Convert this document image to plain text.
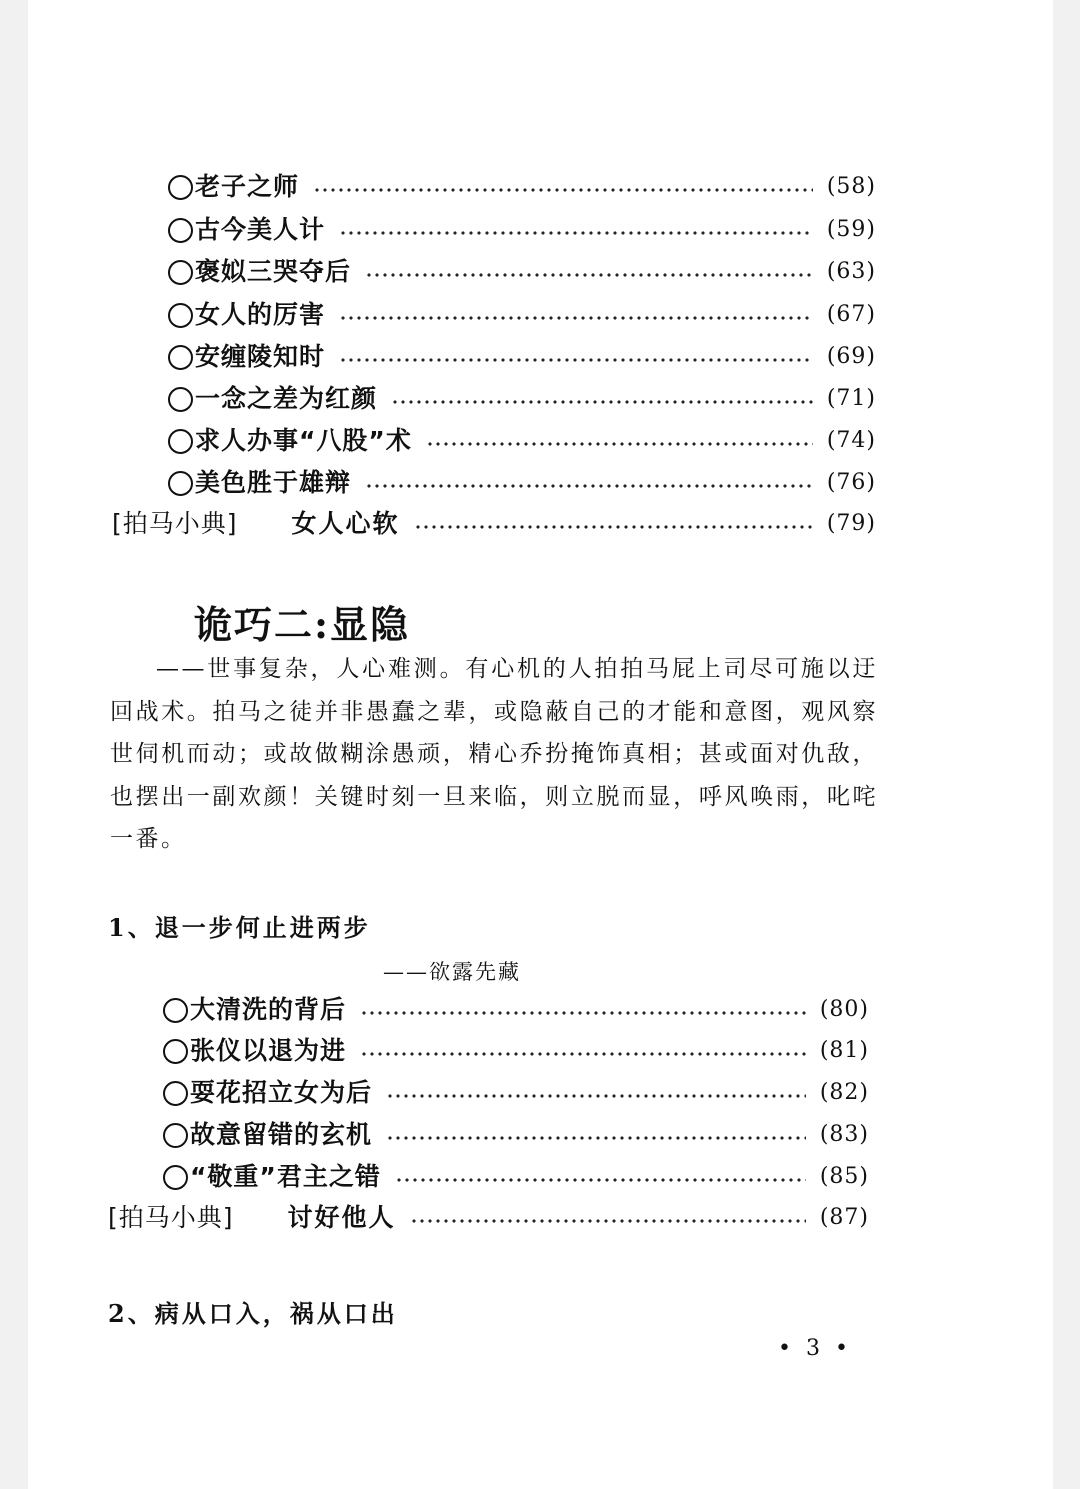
老子之师	(58)
古今美人计	(59)
褒姒三哭夺后	(63)
女人的厉害	(67)
安缠陵知时	(69)
一念之差为红颜	(71)
求人办事“八股”术	(74)
美色胜于雄辩	(76)
[拍马小典] 女人心软	(79)
诡巧二:显隐
——世事复杂，人心难测。有心机的人拍拍马屁上司尽可施以迂回战术。拍马之徒并非愚蠢之辈，或隐蔽自己的才能和意图，观风察世伺机而动；或故做糊涂愚顽，精心乔扮掩饰真相；甚或面对仇敌，也摆出一副欢颜！关键时刻一旦来临，则立脱而显，呼风唤雨，叱咤一番。
1、退一步何止进两步
——欲露先藏
大清洗的背后	(80)
张仪以退为进	(81)
耍花招立女为后	(82)
故意留错的玄机	(83)
“敬重”君主之错	(85)
[拍马小典] 讨好他人	(87)
2、病从口入，祸从口出
• 3 •
